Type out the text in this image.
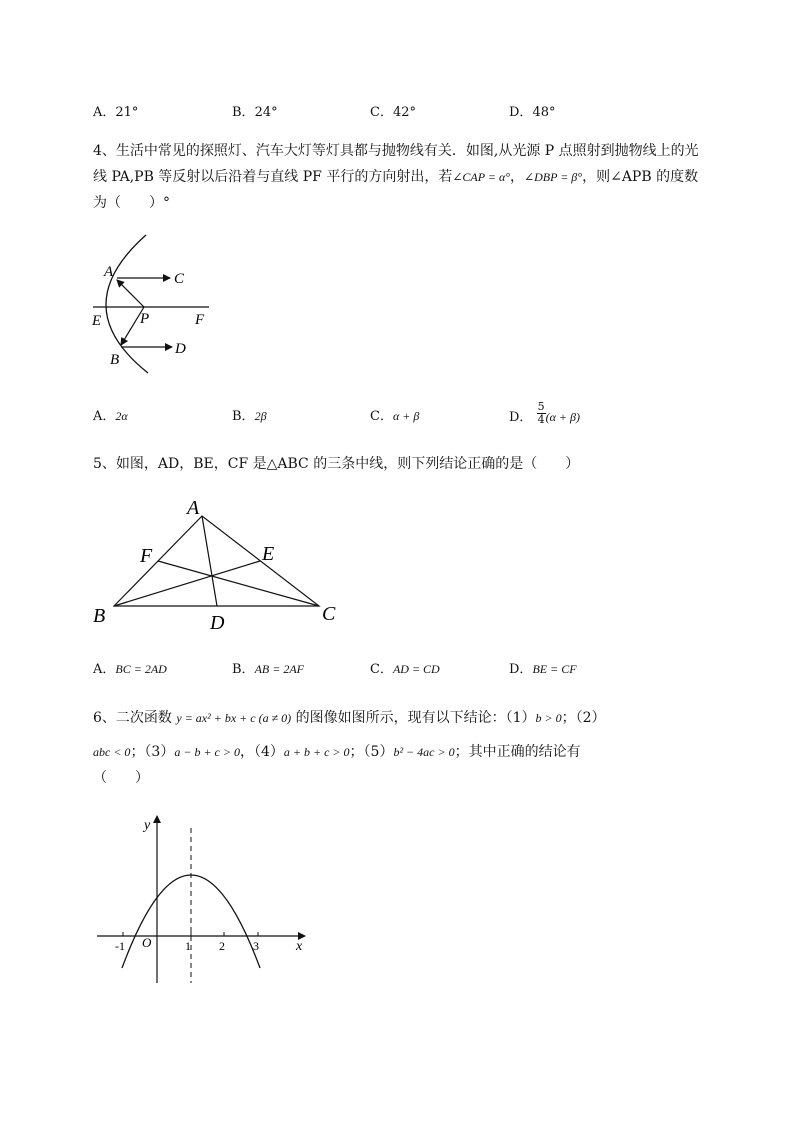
A．21°	B．24°	C．42°	D．48°
4、生活中常见的探照灯、汽车大灯等灯具都与抛物线有关．如图,从光源 P 点照射到抛物线上的光
线 PA,PB 等反射以后沿着与直线 PF 平行的方向射出，若∠CAP = α°，∠DBP = β°，则∠APB 的度数
为（　　）°
A	C
E	P	F
B
D
A．2α	B．2β	C．α + β	D． $\frac{5}{4} (\alpha + \beta)$
5、如图，AD，BE，CF 是△ABC 的三条中线，则下列结论正确的是（　　）
A
F	E
B	D	C
A．BC = 2AD	B．AB = 2AF	C．AD = CD	D．BE = CF
6、二次函数 y = ax² + bx + c (a ≠ 0) 的图像如图所示，现有以下结论：（1）b > 0；（2）
abc < 0；（3）a − b + c > 0，（4）a + b + c > 0；（5）b² − 4ac > 0；其中正确的结论有
（　　）
y
x
O
-1	1 2 3
